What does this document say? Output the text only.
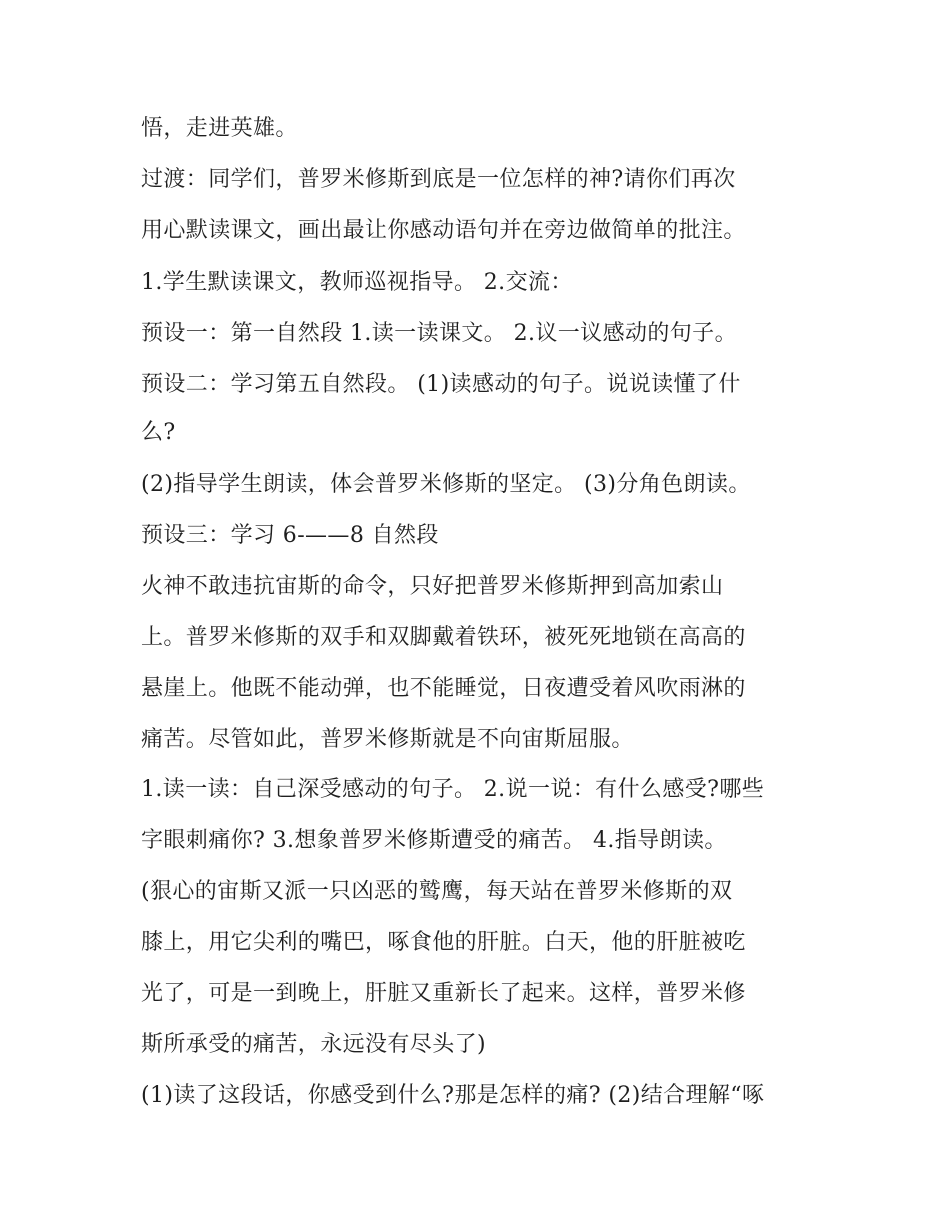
悟，走进英雄。
过渡：同学们，普罗米修斯到底是一位怎样的神?请你们再次
用心默读课文，画出最让你感动语句并在旁边做简单的批注。
1.学生默读课文，教师巡视指导。 2.交流：
预设一：第一自然段 1.读一读课文。 2.议一议感动的句子。
预设二：学习第五自然段。 (1)读感动的句子。说说读懂了什
么?
(2)指导学生朗读，体会普罗米修斯的坚定。 (3)分角色朗读。
预设三：学习 6-——8 自然段
火神不敢违抗宙斯的命令，只好把普罗米修斯押到高加索山
上。普罗米修斯的双手和双脚戴着铁环，被死死地锁在高高的
悬崖上。他既不能动弹，也不能睡觉，日夜遭受着风吹雨淋的
痛苦。尽管如此，普罗米修斯就是不向宙斯屈服。
1.读一读：自己深受感动的句子。 2.说一说：有什么感受?哪些
字眼刺痛你? 3.想象普罗米修斯遭受的痛苦。 4.指导朗读。
(狠心的宙斯又派一只凶恶的鹫鹰，每天站在普罗米修斯的双
膝上，用它尖利的嘴巴，啄食他的肝脏。白天，他的肝脏被吃
光了，可是一到晚上，肝脏又重新长了起来。这样，普罗米修
斯所承受的痛苦，永远没有尽头了)
(1)读了这段话，你感受到什么?那是怎样的痛? (2)结合理解“啄
